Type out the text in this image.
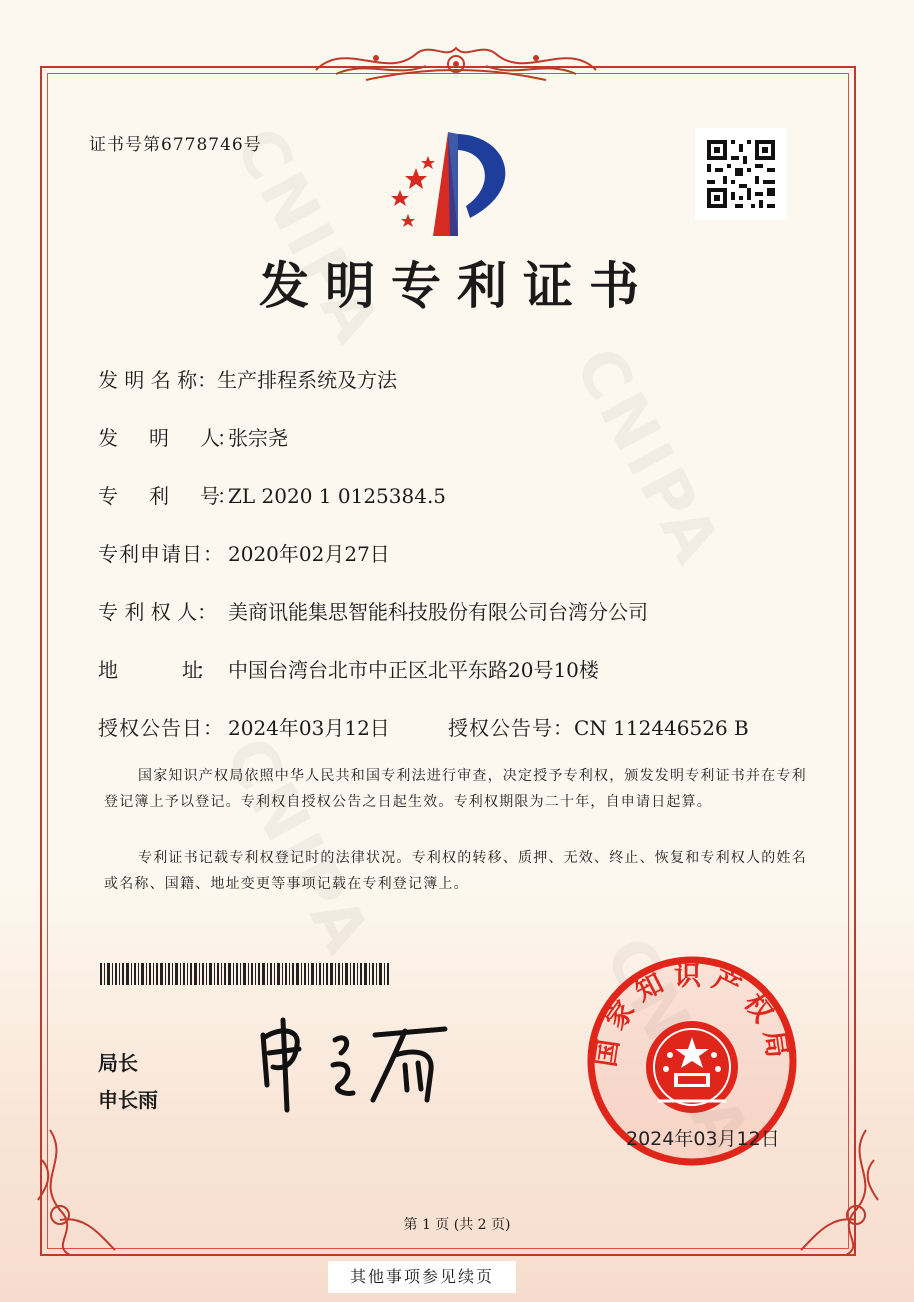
证书号第6778746号
发明专利证书
发 明 名 称：生产排程系统及方法
发　　明　　人：张宗尧
专　　利　　号：ZL 2020 1 0125384.5
专利申请日： 2020年02月27日
专 利 权 人： 美商讯能集思智能科技股份有限公司台湾分公司
地　　　　　址： 中国台湾台北市中正区北平东路20号10楼
授权公告日： 2024年03月12日	授权公告号：CN 112446526 B
国家知识产权局依照中华人民共和国专利法进行审查，决定授予专利权，颁发发明专利证书并在专利登记簿上予以登记。专利权自授权公告之日起生效。专利权期限为二十年，自申请日起算。
专利证书记载专利权登记时的法律状况。专利权的转移、质押、无效、终止、恢复和专利权人的姓名或名称、国籍、地址变更等事项记载在专利登记簿上。
局长
申长雨
国家知识产权局
2024年03月12日
第 1 页 (共 2 页)
其他事项参见续页
